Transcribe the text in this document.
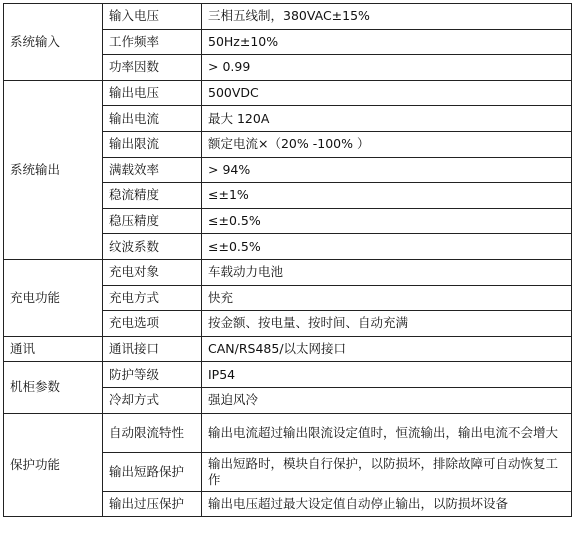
系统输入	输入电压	三相五线制，380VAC±15%
	工作频率	50Hz±10%
	功率因数	> 0.99
系统输出	输出电压	500VDC
	输出电流	最大 120A
	输出限流	额定电流×（20% -100% ）
	满载效率	> 94%
	稳流精度	≤±1%
	稳压精度	≤±0.5%
	纹波系数	≤±0.5%
充电功能	充电对象	车载动力电池
	充电方式	快充
	充电选项	按金额、按电量、按时间、自动充满
通讯	通讯接口	CAN/RS485/以太网接口
机柜参数	防护等级	IP54
	冷却方式	强迫风冷
保护功能	自动限流特性	输出电流超过输出限流设定值时，恒流输出，输出电流不会增大
	输出短路保护	输出短路时，模块自行保护，以防损坏，排除故障可自动恢复工作
	输出过压保护	输出电压超过最大设定值自动停止输出，以防损坏设备
